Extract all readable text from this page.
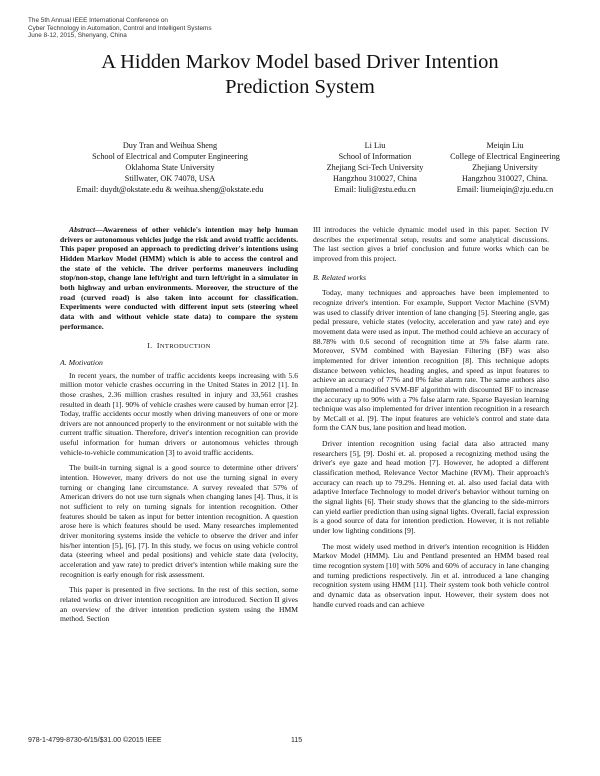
The 5th Annual IEEE International Conference on
Cyber Technology in Automation, Control and Intelligent Systems
June 8-12, 2015, Shenyang, China
A Hidden Markov Model based Driver Intention
Prediction System
Duy Tran and Weihua Sheng
School of Electrical and Computer Engineering
Oklahoma State University
Stillwater, OK 74078, USA
Email: duydt@okstate.edu & weihua.sheng@okstate.edu
Li Liu
School of Information
Zhejiang Sci-Tech University
Hangzhou 310027, China
Email: liuli@zstu.edu.cn
Meiqin Liu
College of Electrical Engineering
Zhejiang University
Hangzhou 310027, China.
Email: liumeiqin@zju.edu.cn

Abstract—Awareness of other vehicle's intention may help human drivers or autonomous vehicles judge the risk and avoid traffic accidents. This paper proposed an approach to predicting driver's intentions using Hidden Markov Model (HMM) which is able to access the control and the state of the vehicle. The driver performs maneuvers including stop/non-stop, change lane left/right and turn left/right in a simulator in both highway and urban environments. Moreover, the structure of the road (curved road) is also taken into account for classification. Experiments were conducted with different input sets (steering wheel data with and without vehicle state data) to compare the system performance.

I. INTRODUCTION
A. Motivation

In recent years, the number of traffic accidents keeps increasing with 5.6 million motor vehicle crashes occurring in the United States in 2012 [1]. In those crashes, 2.36 million crashes resulted in injury and 33,561 crashes resulted in death [1]. 90% of vehicle crashes were caused by human error [2]. Today, traffic accidents occur mostly when driving maneuvers of one or more drivers are not announced properly to the environment or not suitable with the current traffic situation. Therefore, driver's intention recognition can provide useful information for human drivers or autonomous vehicles through vehicle-to-vehicle communication [3] to avoid traffic accidents.

The built-in turning signal is a good source to determine other drivers' intention. However, many drivers do not use the turning signal in every turning or changing lane circumstance. A survey revealed that 57% of American drivers do not use turn signals when changing lanes [4]. Thus, it is not sufficient to rely on turning signals for intention recognition. Other features should be taken as input for better intention recognition. A question arose here is which features should be used. Many researches implemented driver monitoring systems inside the vehicle to observe the driver and infer his/her intention [5], [6], [7]. In this study, we focus on using vehicle control data (steering wheel and pedal positions) and vehicle state data (velocity, acceleration and yaw rate) to predict driver's intention while making sure the recognition is early enough for risk assessment.

This paper is presented in five sections. In the rest of this section, some related works on driver intention recognition are introduced. Section II gives an overview of the driver intention prediction system using the HMM method. Section

III introduces the vehicle dynamic model used in this paper. Section IV describes the experimental setup, results and some analytical discussions. The last section gives a brief conclusion and future works which can be improved from this project.

B. Related works

Today, many techniques and approaches have been implemented to recognize driver's intention. For example, Support Vector Machine (SVM) was used to classify driver intention of lane changing [5]. Steering angle, gas pedal pressure, vehicle states (velocity, acceleration and yaw rate) and eye movement data were used as input. The method could achieve an accuracy of 88.78% with 0.6 second of recognition time at 5% false alarm rate. Moreover, SVM combined with Bayesian Filtering (BF) was also implemented for driver intention recognition [8]. This technique adopts distance between vehicles, heading angles, and speed as input features to achieve an accuracy of 77% and 0% false alarm rate. The same authors also implemented a modified SVM-BF algorithm with discounted BF to increase the accuracy up to 90% with a 7% false alarm rate. Sparse Bayesian learning technique was also implemented for driver intention recognition in a research by McCall et al. [9]. The input features are vehicle's control and state data form the CAN bus, lane position and head motion.

Driver intention recognition using facial data also attracted many researchers [5], [9]. Doshi et. al. proposed a recognizing method using the driver's eye gaze and head motion [7]. However, he adopted a different classification method, Relevance Vector Machine (RVM). Their approach's accuracy can reach up to 79.2%. Henning et. al. also used facial data with adaptive Interface Technology to model driver's behavior without turning on the signal lights [6]. Their study shows that the glancing to the side-mirrors can yield earlier prediction than using signal lights. Overall, facial expression is a good source of data for intention prediction. However, it is not reliable under low lighting conditions [9].

The most widely used method in driver's intention recognition is Hidden Markov Model (HMM). Liu and Pentland presented an HMM based real time recogntion system [10] with 50% and 60% of accuracy in lane changing and turning predictions respectively. Jin et al. introduced a lane changing recognition system using HMM [11]. Their system took both vehicle control and dynamic data as observation input. However, their system does not handle curved roads and can achieve

978-1-4799-8730-6/15/$31.00 ©2015 IEEE	115
